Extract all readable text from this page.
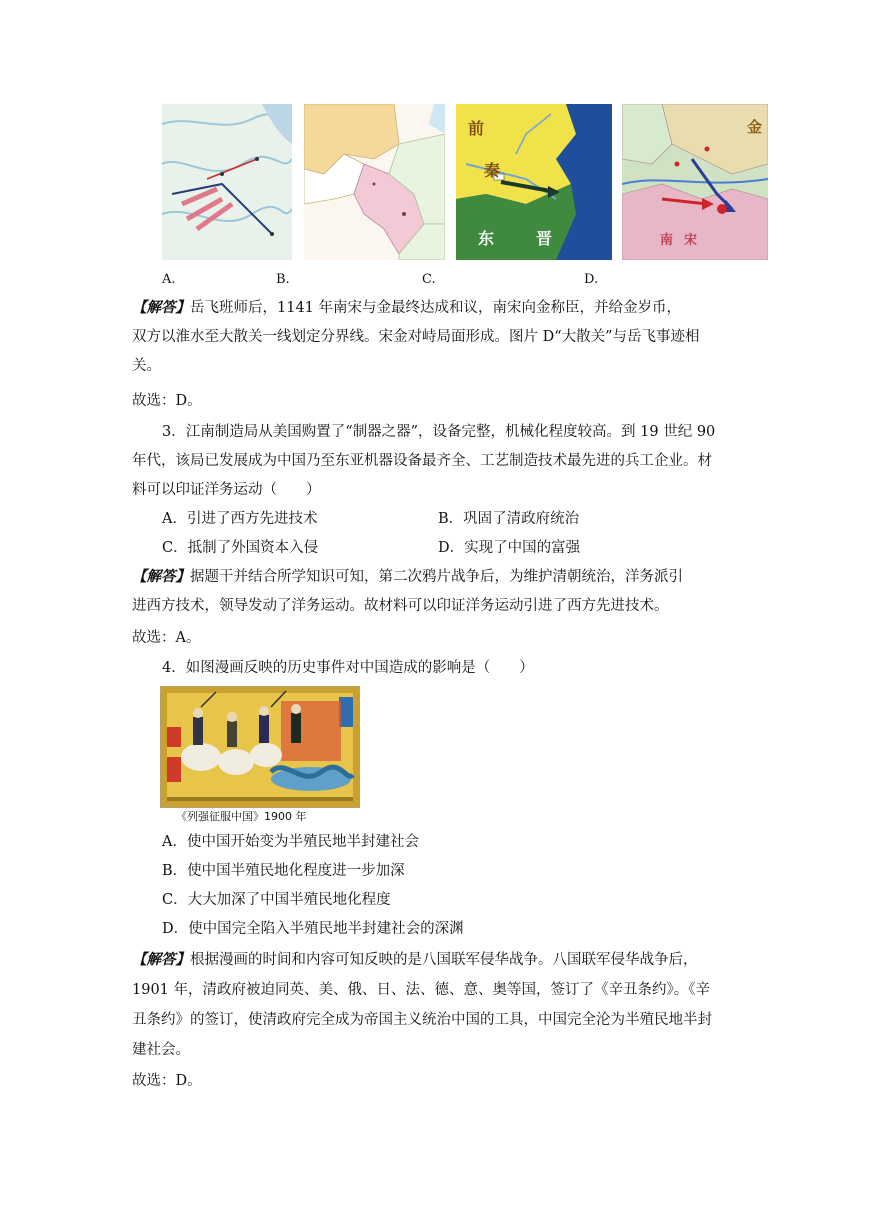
前
秦
东	晋
金
南 宋
A.	B.	C.	D.
【解答】岳飞班师后，1141 年南宋与金最终达成和议，南宋向金称臣，并给金岁币，
双方以淮水至大散关一线划定分界线。宋金对峙局面形成。图片 D“大散关”与岳飞事迹相
关。
故选：D。
3．江南制造局从美国购置了“制器之器”，设备完整，机械化程度较高。到 19 世纪 90
年代，该局已发展成为中国乃至东亚机器设备最齐全、工艺制造技术最先进的兵工企业。材
料可以印证洋务运动（　　）
A．引进了西方先进技术	B．巩固了清政府统治
C．抵制了外国资本入侵	D．实现了中国的富强
【解答】据题干并结合所学知识可知，第二次鸦片战争后，为维护清朝统治，洋务派引
进西方技术，领导发动了洋务运动。故材料可以印证洋务运动引进了西方先进技术。
故选：A。
4．如图漫画反映的历史事件对中国造成的影响是（　　）
《列强征服中国》1900 年
A．使中国开始变为半殖民地半封建社会
B．使中国半殖民地化程度进一步加深
C．大大加深了中国半殖民地化程度
D．使中国完全陷入半殖民地半封建社会的深渊
【解答】根据漫画的时间和内容可知反映的是八国联军侵华战争。八国联军侵华战争后，
1901 年，清政府被迫同英、美、俄、日、法、德、意、奥等国，签订了《辛丑条约》。《辛
丑条约》的签订，使清政府完全成为帝国主义统治中国的工具，中国完全沦为半殖民地半封
建社会。
故选：D。
